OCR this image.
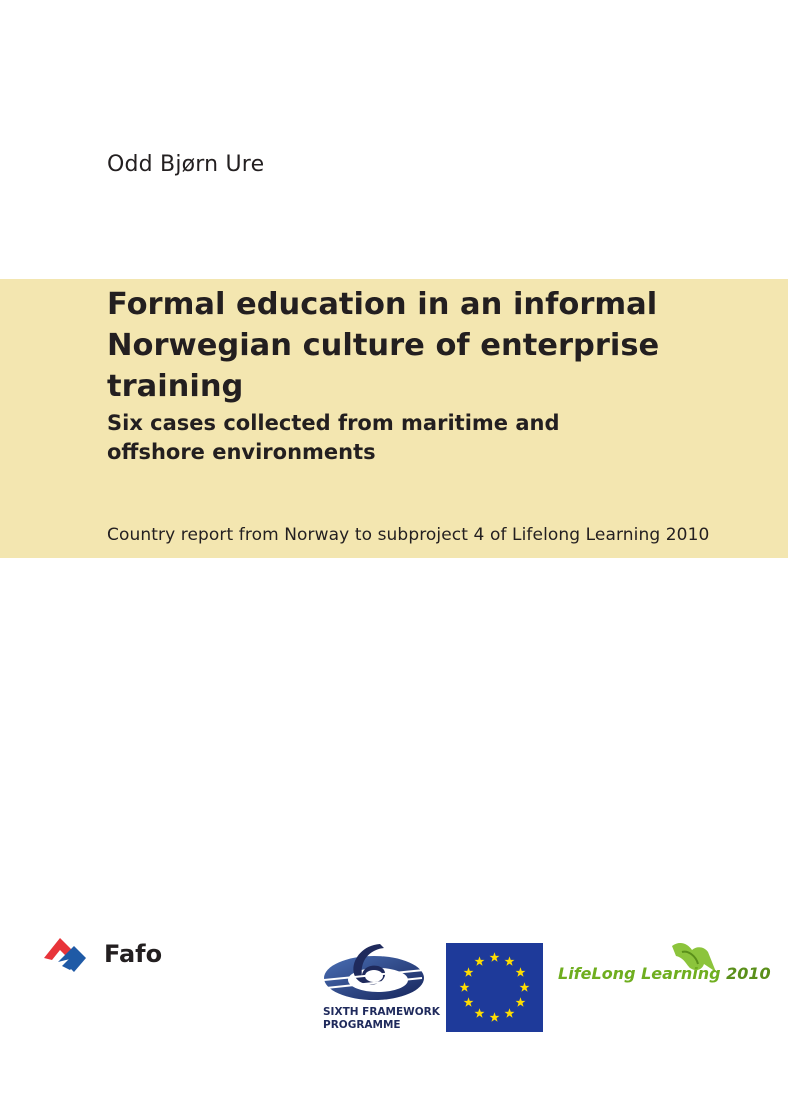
Odd Bjørn Ure
Formal education in an informal
Norwegian culture of enterprise
training
Six cases collected from maritime and
offshore environments
Country report from Norway to subproject 4 of Lifelong Learning 2010
Fafo
SIXTH FRAMEWORK
PROGRAMME
LifeLong Learning 2010
